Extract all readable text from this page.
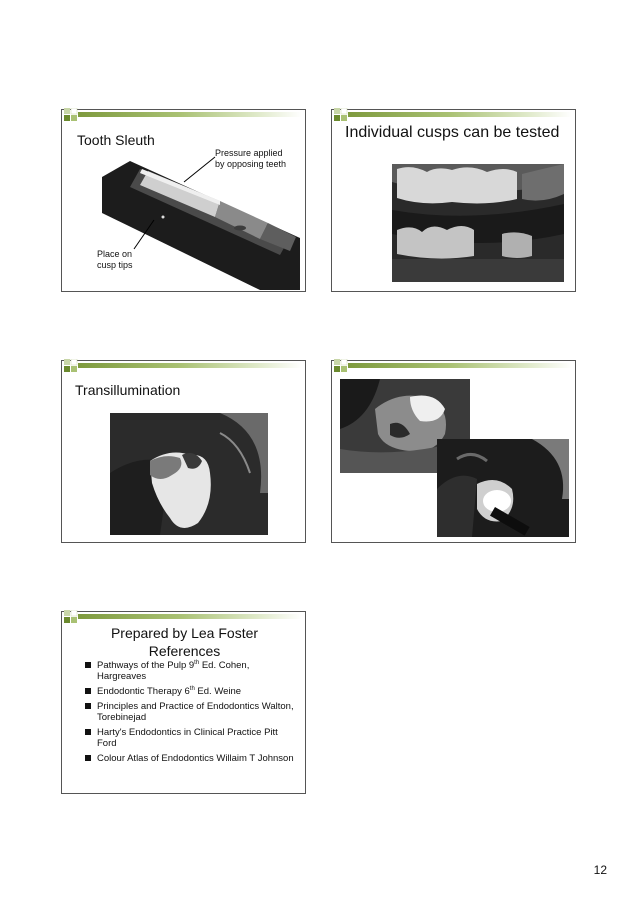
Tooth Sleuth
Pressure applied
by opposing teeth
Place on
cusp tips
Individual cusps can be tested
Transillumination
Prepared by Lea Foster References
Pathways of the Pulp 9th Ed. Cohen, Hargreaves
Endodontic Therapy 6th Ed. Weine
Principles and Practice of Endodontics Walton, Torebinejad
Harty's Endodontics in Clinical Practice Pitt Ford
Colour Atlas of Endodontics Willaim T Johnson
12
